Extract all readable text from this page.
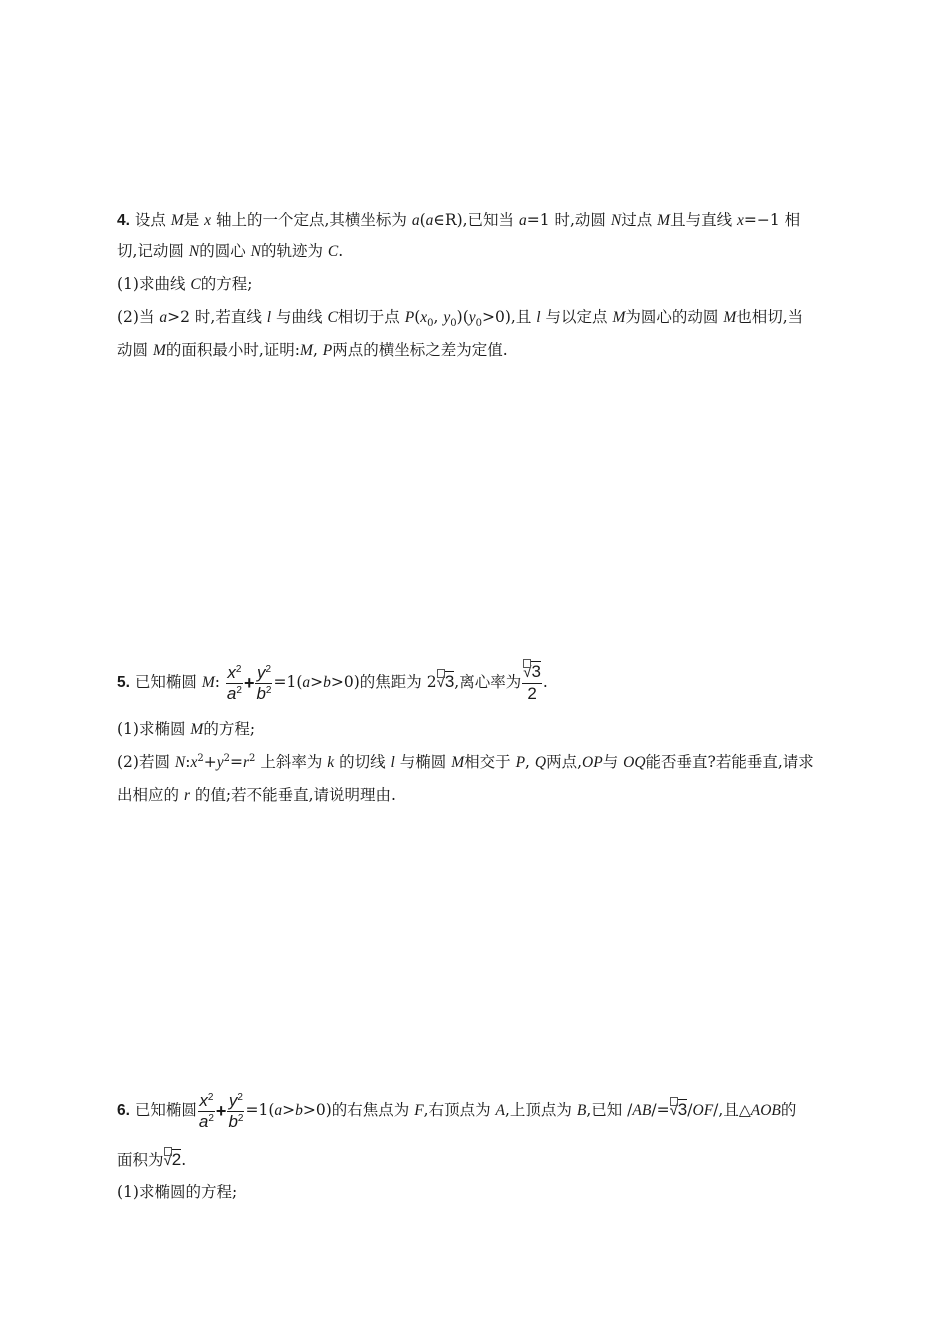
4. 设点 M是 x 轴上的一个定点,其横坐标为 a(a∈R),已知当 a=1 时,动圆 N过点 M且与直线 x=−1 相
切,记动圆 N的圆心 N的轨迹为 C.
(1)求曲线 C的方程;
(2)当 a>2 时,若直线 l 与曲线 C相切于点 $P(x_0$, $y_0)(y_0>0)$,且 l 与以定点 M为圆心的动圆 M也相切,当
动圆 M的面积最小时,证明:M, P两点的横坐标之差为定值.
5. 已知椭圆 M: $\frac{x^2}{a^2} + \frac{y^2}{b^2} =1(a>b>0)$的焦距为 2
√3,离心率为 $\frac{√3}{2}$ .
(1)求椭圆 M的方程;
(2)若圆 $N:x^2+y^2=r^2$ 上斜率为 k 的切线 l 与椭圆 M相交于 P, Q两点,OP与 OQ能否垂直?若能垂直,请求
出相应的 r 的值;若不能垂直,请说明理由.
6. 已知椭圆 $\frac{x^2}{a^2} + \frac{y^2}{b^2} =1(a>b>0)$的右焦点为 F,右顶点为 A,上顶点为 B,已知 /AB/=
√3/OF/,且△AOB的
面积为
√2.
(1)求椭圆的方程;
